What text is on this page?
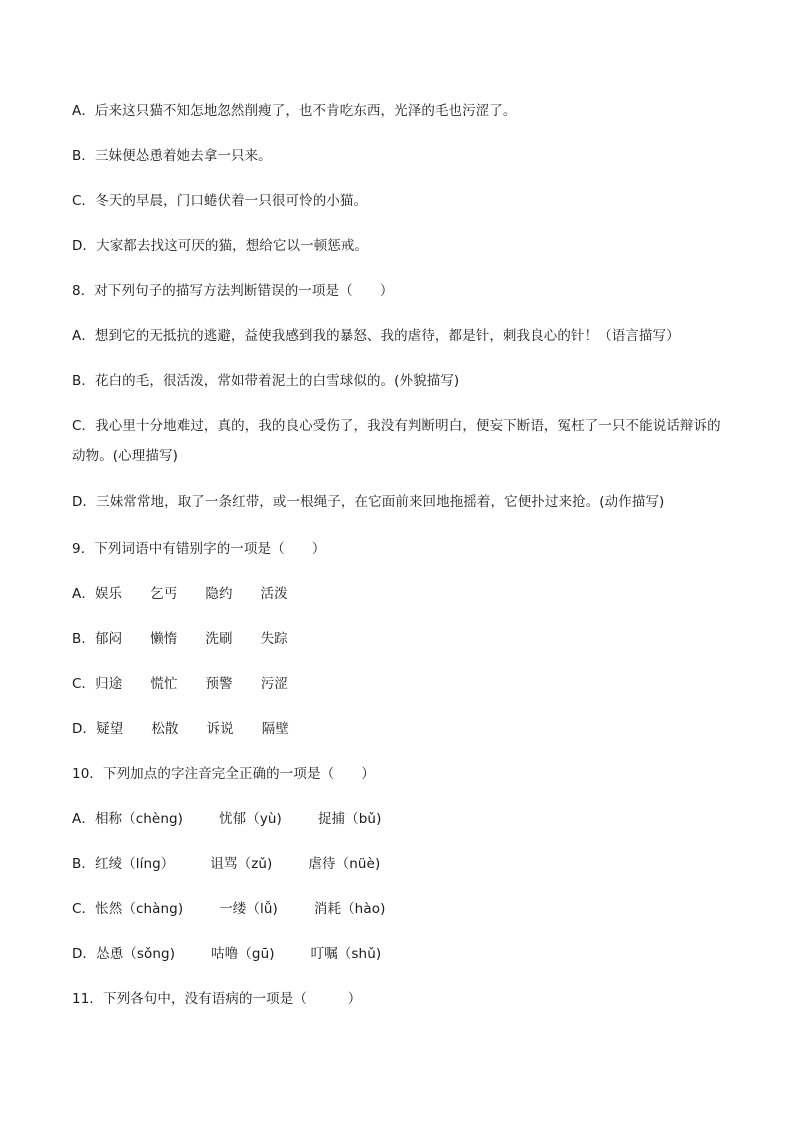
A．后来这只猫不知怎地忽然削瘦了，也不肯吃东西，光泽的毛也污涩了。
B．三妹便怂恿着她去拿一只来。
C．冬天的早晨，门口蜷伏着一只很可怜的小猫。
D．大家都去找这可厌的猫，想给它以一顿惩戒。
8．对下列句子的描写方法判断错误的一项是（　　）
A．想到它的无抵抗的逃避，益使我感到我的暴怒、我的虐待，都是针，刺我良心的针！（语言描写）
B．花白的毛，很活泼，常如带着泥土的白雪球似的。(外貌描写)
C．我心里十分地难过，真的，我的良心受伤了，我没有判断明白，便妄下断语，冤枉了一只不能说话辩诉的动物。(心理描写)
D．三妹常常地，取了一条红带，或一根绳子，在它面前来回地拖摇着，它便扑过来抢。(动作描写)
9．下列词语中有错别字的一项是（　　）
A．娱乐 乞丐 隐约 活泼
B．郁闷 懒惰 洗刷 失踪
C．归途 慌忙 预警 污涩
D．疑望 松散 诉说 隔壁
10．下列加点的字注音完全正确的一项是（　　）
A．相称（chèng)	忧郁（yù)	捉捕（bǔ)
B．红绫（líng）	诅骂（zǔ)	虐待（nüè)
C．怅然（chàng)	一缕（lǚ)	消耗（hào)
D．怂恿（sǒng)	咕噜（gū)	叮嘱（shǔ)
11．下列各句中，没有语病的一项是（　　　）
